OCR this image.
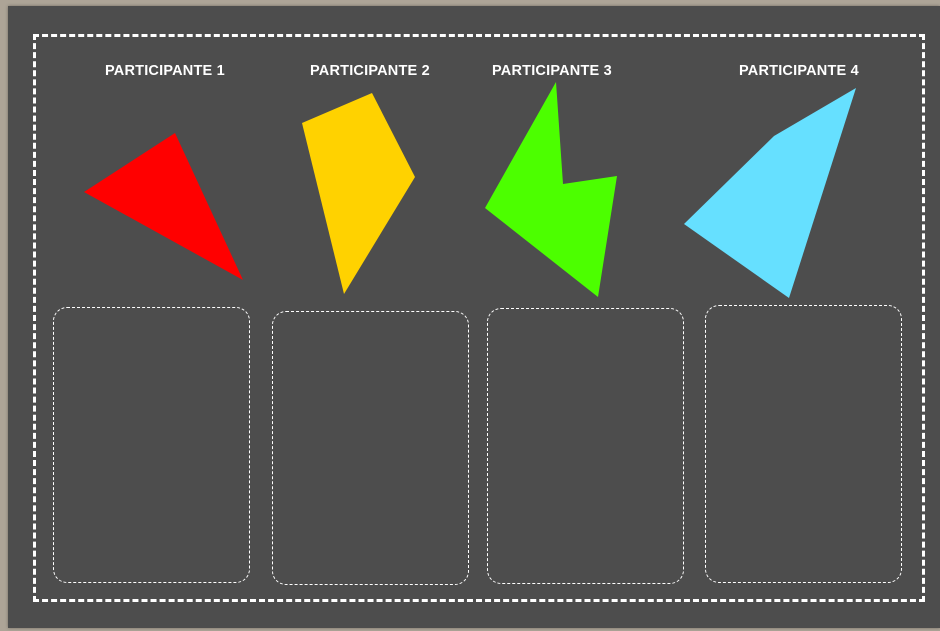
PARTICIPANTE 1	PARTICIPANTE 2	PARTICIPANTE 3	PARTICIPANTE 4
